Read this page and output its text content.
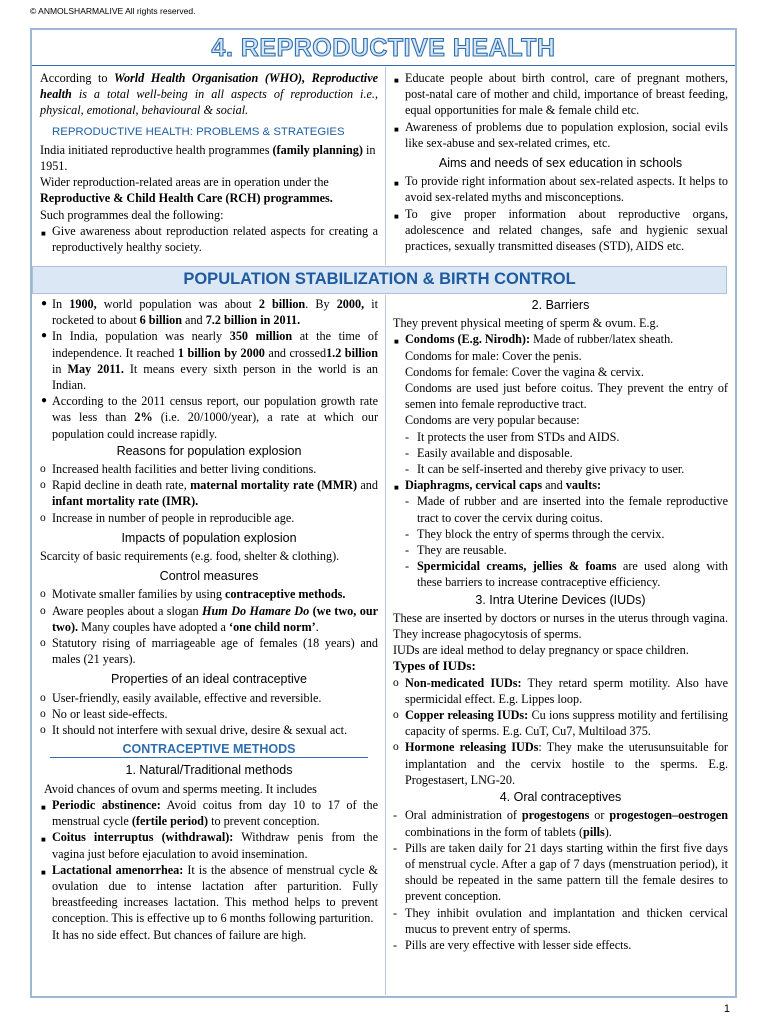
© ANMOLSHARMALIVE All rights reserved.
4. REPRODUCTIVE HEALTH

According to World Health Organisation (WHO), Reproductive health is a total well-being in all aspects of reproduction i.e., physical, emotional, behavioural & social.

REPRODUCTIVE HEALTH: PROBLEMS & STRATEGIES

India initiated reproductive health programmes (family planning) in 1951.

Wider reproduction-related areas are in operation under the Reproductive & Child Health Care (RCH) programmes.

Such programmes deal the following:

■ Give awareness about reproduction related aspects for creating a reproductively healthy society.
■ Educate people about birth control, care of pregnant mothers, post-natal care of mother and child, importance of breast feeding, equal opportunities for male & female child etc.
■ Awareness of problems due to population explosion, social evils like sex-abuse and sex-related crimes, etc.
Aims and needs of sex education in schools
■ To provide right information about sex-related aspects. It helps to avoid sex-related myths and misconceptions.
■ To give proper information about reproductive organs, adolescence and related changes, safe and hygienic sexual practices, sexually transmitted diseases (STD), AIDS etc.
POPULATION STABILIZATION & BIRTH CONTROL
● In 1900, world population was about 2 billion. By 2000, it rocketed to about 6 billion and 7.2 billion in 2011.
● In India, population was nearly 350 million at the time of independence. It reached 1 billion by 2000 and crossed1.2 billion in May 2011. It means every sixth person in the world is an Indian.
● According to the 2011 census report, our population growth rate was less than 2% (i.e. 20/1000/year), a rate at which our population could increase rapidly.
Reasons for population explosion
o Increased health facilities and better living conditions.
o Rapid decline in death rate, maternal mortality rate (MMR) and infant mortality rate (IMR).
o Increase in number of people in reproducible age.
Impacts of population explosion

Scarcity of basic requirements (e.g. food, shelter & clothing).

Control measures
o Motivate smaller families by using contraceptive methods.
o Aware peoples about a slogan Hum Do Hamare Do (we two, our two). Many couples have adopted a ‘one child norm’.
o Statutory rising of marriageable age of females (18 years) and males (21 years).
Properties of an ideal contraceptive
o User-friendly, easily available, effective and reversible.
o No or least side-effects.
o It should not interfere with sexual drive, desire & sexual act.
CONTRACEPTIVE METHODS
1. Natural/Traditional methods

Avoid chances of ovum and sperms meeting. It includes

■ Periodic abstinence: Avoid coitus from day 10 to 17 of the menstrual cycle (fertile period) to prevent conception.
■ Coitus interruptus (withdrawal): Withdraw penis from the vagina just before ejaculation to avoid insemination.
■ Lactational amenorrhea: It is the absence of menstrual cycle & ovulation due to intense lactation after parturition. Fully breastfeeding increases lactation. This method helps to prevent conception. This is effective up to 6 months following parturition.

It has no side effect. But chances of failure are high.

2. Barriers

They prevent physical meeting of sperm & ovum. E.g.

■ Condoms (E.g. Nirodh): Made of rubber/latex sheath.

Condoms for male: Cover the penis.

Condoms for female: Cover the vagina & cervix.

Condoms are used just before coitus. They prevent the entry of semen into female reproductive tract.

Condoms are very popular because:

- It protects the user from STDs and AIDS.
- Easily available and disposable.
- It can be self-inserted and thereby give privacy to user.
■ Diaphragms, cervical caps and vaults:
- Made of rubber and are inserted into the female reproductive tract to cover the cervix during coitus.
- They block the entry of sperms through the cervix.
- They are reusable.
- Spermicidal creams, jellies & foams are used along with these barriers to increase contraceptive efficiency.
3. Intra Uterine Devices (IUDs)

These are inserted by doctors or nurses in the uterus through vagina. They increase phagocytosis of sperms.

IUDs are ideal method to delay pregnancy or space children.

Types of IUDs:

o Non-medicated IUDs: They retard sperm motility. Also have spermicidal effect. E.g. Lippes loop.
o Copper releasing IUDs: Cu ions suppress motility and fertilising capacity of sperms. E.g. CuT, Cu7, Multiload 375.
o Hormone releasing IUDs: They make the uterusunsuitable for implantation and the cervix hostile to the sperms. E.g. Progestasert, LNG-20.
4. Oral contraceptives
- Oral administration of progestogens or progestogen–oestrogen combinations in the form of tablets (pills).
- Pills are taken daily for 21 days starting within the first five days of menstrual cycle. After a gap of 7 days (menstruation period), it should be repeated in the same pattern till the female desires to prevent conception.
- They inhibit ovulation and implantation and thicken cervical mucus to prevent entry of sperms.
- Pills are very effective with lesser side effects.
1
